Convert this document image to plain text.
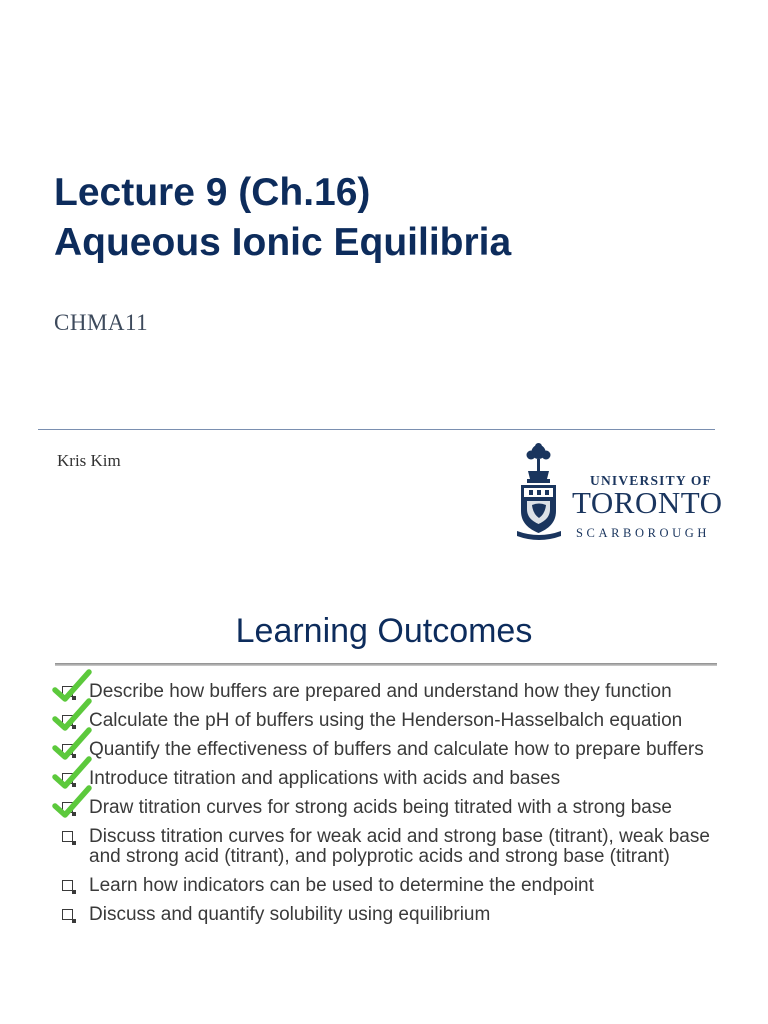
Lecture 9 (Ch.16)
Aqueous Ionic Equilibria
CHMA11
Kris Kim
UNIVERSITY OF
TORONTO
SCARBOROUGH
Learning Outcomes
Describe how buffers are prepared and understand how they function
Calculate the pH of buffers using the Henderson-Hasselbalch equation
Quantify the effectiveness of buffers and calculate how to prepare buffers
Introduce titration and applications with acids and bases
Draw titration curves for strong acids being titrated with a strong base
Discuss titration curves for weak acid and strong base (titrant), weak base and strong acid (titrant), and polyprotic acids and strong base (titrant)
Learn how indicators can be used to determine the endpoint
Discuss and quantify solubility using equilibrium
